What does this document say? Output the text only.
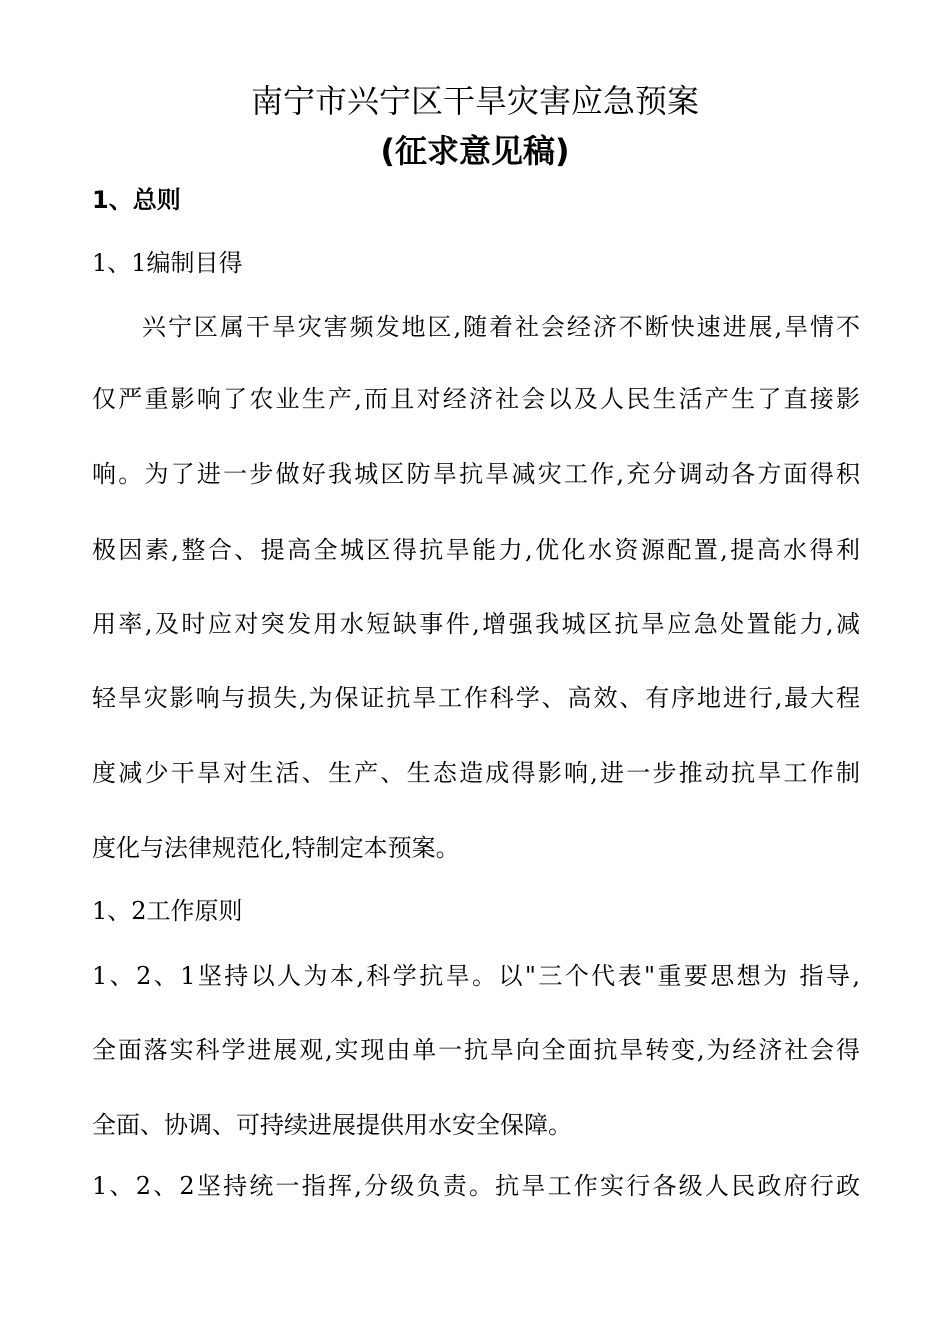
南宁市兴宁区干旱灾害应急预案
(征求意见稿)
1、总则
1、1编制目得
兴宁区属干旱灾害频发地区,随着社会经济不断快速进展,旱情不
仅严重影响了农业生产,而且对经济社会以及人民生活产生了直接影
响。为了进一步做好我城区防旱抗旱减灾工作,充分调动各方面得积
极因素,整合、提高全城区得抗旱能力,优化水资源配置,提高水得利
用率,及时应对突发用水短缺事件,增强我城区抗旱应急处置能力,减
轻旱灾影响与损失,为保证抗旱工作科学、高效、有序地进行,最大程
度减少干旱对生活、生产、生态造成得影响,进一步推动抗旱工作制
度化与法律规范化,特制定本预案。
1、2工作原则
1、2、1坚持以人为本,科学抗旱。以"三个代表"重要思想为 指导,
全面落实科学进展观,实现由单一抗旱向全面抗旱转变,为经济社会得
全面、协调、可持续进展提供用水安全保障。
1、2、2坚持统一指挥,分级负责。抗旱工作实行各级人民政府行政
